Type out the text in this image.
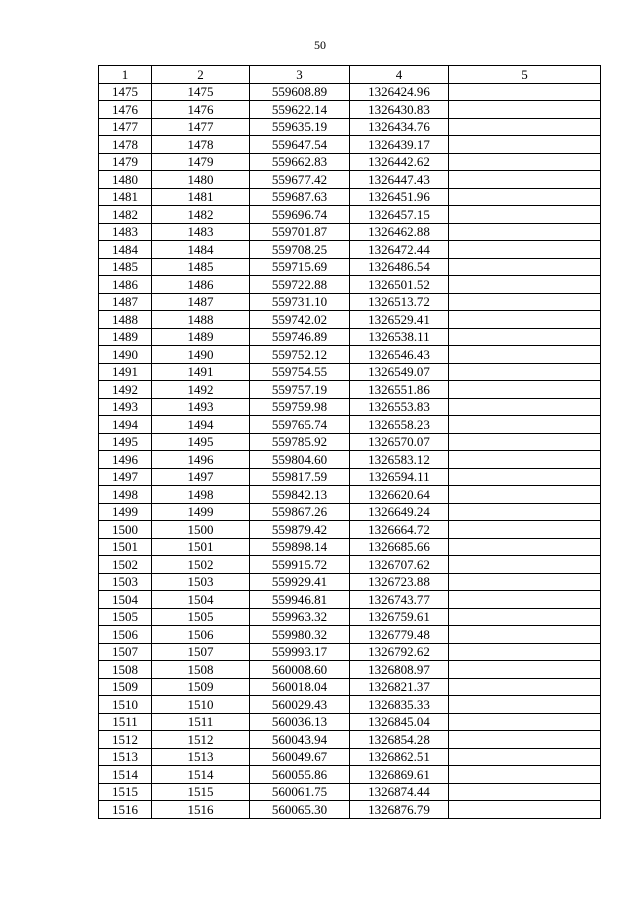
50
1	2	3	4	5
1475	1475	559608.89	1326424.96	
1476	1476	559622.14	1326430.83	
1477	1477	559635.19	1326434.76	
1478	1478	559647.54	1326439.17	
1479	1479	559662.83	1326442.62	
1480	1480	559677.42	1326447.43	
1481	1481	559687.63	1326451.96	
1482	1482	559696.74	1326457.15	
1483	1483	559701.87	1326462.88	
1484	1484	559708.25	1326472.44	
1485	1485	559715.69	1326486.54	
1486	1486	559722.88	1326501.52	
1487	1487	559731.10	1326513.72	
1488	1488	559742.02	1326529.41	
1489	1489	559746.89	1326538.11	
1490	1490	559752.12	1326546.43	
1491	1491	559754.55	1326549.07	
1492	1492	559757.19	1326551.86	
1493	1493	559759.98	1326553.83	
1494	1494	559765.74	1326558.23	
1495	1495	559785.92	1326570.07	
1496	1496	559804.60	1326583.12	
1497	1497	559817.59	1326594.11	
1498	1498	559842.13	1326620.64	
1499	1499	559867.26	1326649.24	
1500	1500	559879.42	1326664.72	
1501	1501	559898.14	1326685.66	
1502	1502	559915.72	1326707.62	
1503	1503	559929.41	1326723.88	
1504	1504	559946.81	1326743.77	
1505	1505	559963.32	1326759.61	
1506	1506	559980.32	1326779.48	
1507	1507	559993.17	1326792.62	
1508	1508	560008.60	1326808.97	
1509	1509	560018.04	1326821.37	
1510	1510	560029.43	1326835.33	
1511	1511	560036.13	1326845.04	
1512	1512	560043.94	1326854.28	
1513	1513	560049.67	1326862.51	
1514	1514	560055.86	1326869.61	
1515	1515	560061.75	1326874.44	
1516	1516	560065.30	1326876.79	
